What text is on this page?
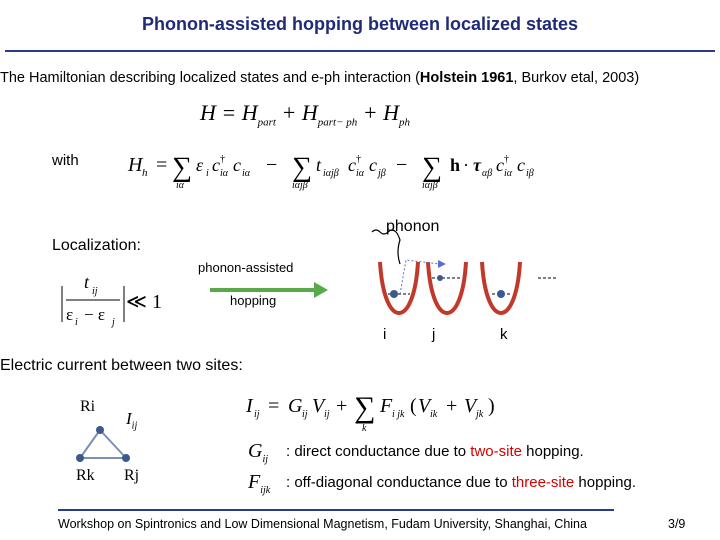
Phonon-assisted hopping between localized states
The Hamiltonian describing localized states and e-ph interaction (Holstein 1961, Burkov etal, 2003)
$H = H_{part} + H_{part- ph} + H_{ph}$
with H h = ∑
iα
ε i c †
iα c iα − ∑
iαjβ
t iαjβ c †
iα c jβ − ∑
iαjβ
h · τ αβ c †
iα c iβ
Localization:
t ij
ε i − ε j
≪ 1
phonon-assisted
hopping
phonon
i	j	k
Electric current between two sites:
Ri
Rk Rj
$I_{ij}$
I ij = G ij V ij + ∑
k
F i jk ( V ik + V jk )
$G_{ij}$ : direct conductance due to two-site hopping.
$F_{ijk}$ : off-diagonal conductance due to three-site hopping.
Workshop on Spintronics and Low Dimensional Magnetism, Fudam University, Shanghai, China	3/9
